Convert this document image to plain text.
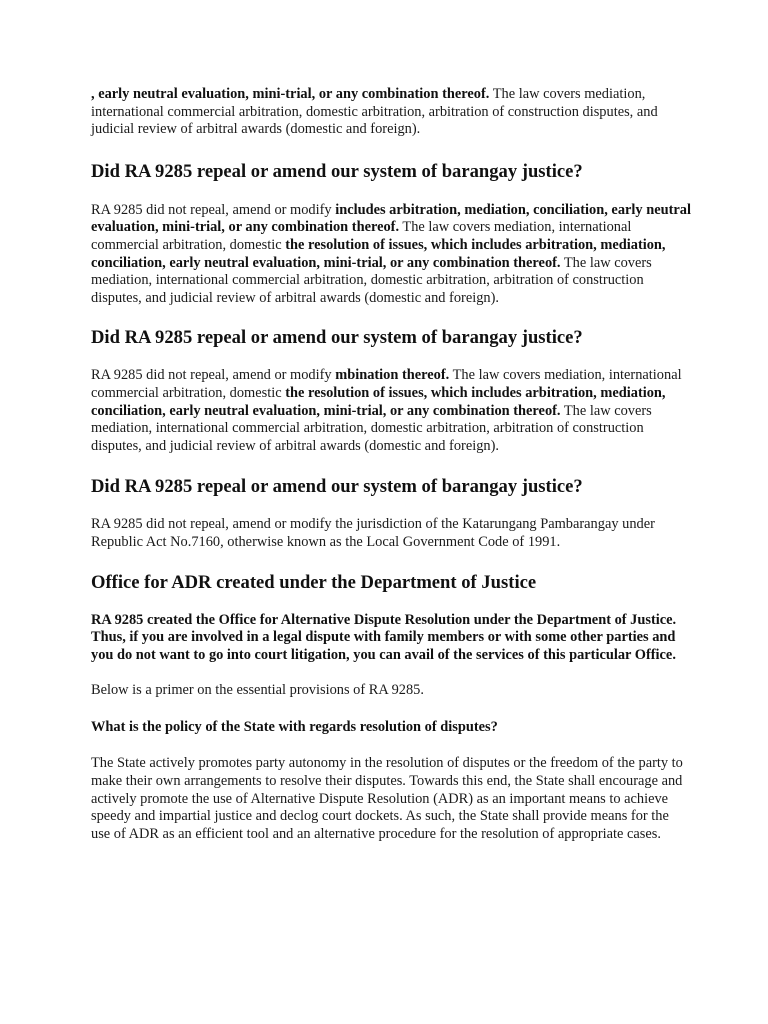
, early neutral evaluation, mini-trial, or any combination thereof. The law covers mediation, international commercial arbitration, domestic arbitration, arbitration of construction disputes, and judicial review of arbitral awards (domestic and foreign).

Did RA 9285 repeal or amend our system of barangay justice?

RA 9285 did not repeal, amend or modify includes arbitration, mediation, conciliation, early neutral evaluation, mini-trial, or any combination thereof. The law covers mediation, international commercial arbitration, domestic the resolution of issues, which includes arbitration, mediation, conciliation, early neutral evaluation, mini-trial, or any combination thereof. The law covers mediation, international commercial arbitration, domestic arbitration, arbitration of construction disputes, and judicial review of arbitral awards (domestic and foreign).

Did RA 9285 repeal or amend our system of barangay justice?

RA 9285 did not repeal, amend or modify mbination thereof. The law covers mediation, international commercial arbitration, domestic the resolution of issues, which includes arbitration, mediation, conciliation, early neutral evaluation, mini-trial, or any combination thereof. The law covers mediation, international commercial arbitration, domestic arbitration, arbitration of construction disputes, and judicial review of arbitral awards (domestic and foreign).

Did RA 9285 repeal or amend our system of barangay justice?

RA 9285 did not repeal, amend or modify the jurisdiction of the Katarungang Pambarangay under Republic Act No.7160, otherwise known as the Local Government Code of 1991.

Office for ADR created under the Department of Justice

RA 9285 created the Office for Alternative Dispute Resolution under the Department of Justice. Thus, if you are involved in a legal dispute with family members or with some other parties and you do not want to go into court litigation, you can avail of the services of this particular Office.

Below is a primer on the essential provisions of RA 9285.

What is the policy of the State with regards resolution of disputes?

The State actively promotes party autonomy in the resolution of disputes or the freedom of the party to make their own arrangements to resolve their disputes. Towards this end, the State shall encourage and actively promote the use of Alternative Dispute Resolution (ADR) as an important means to achieve speedy and impartial justice and declog court dockets. As such, the State shall provide means for the use of ADR as an efficient tool and an alternative procedure for the resolution of appropriate cases.
